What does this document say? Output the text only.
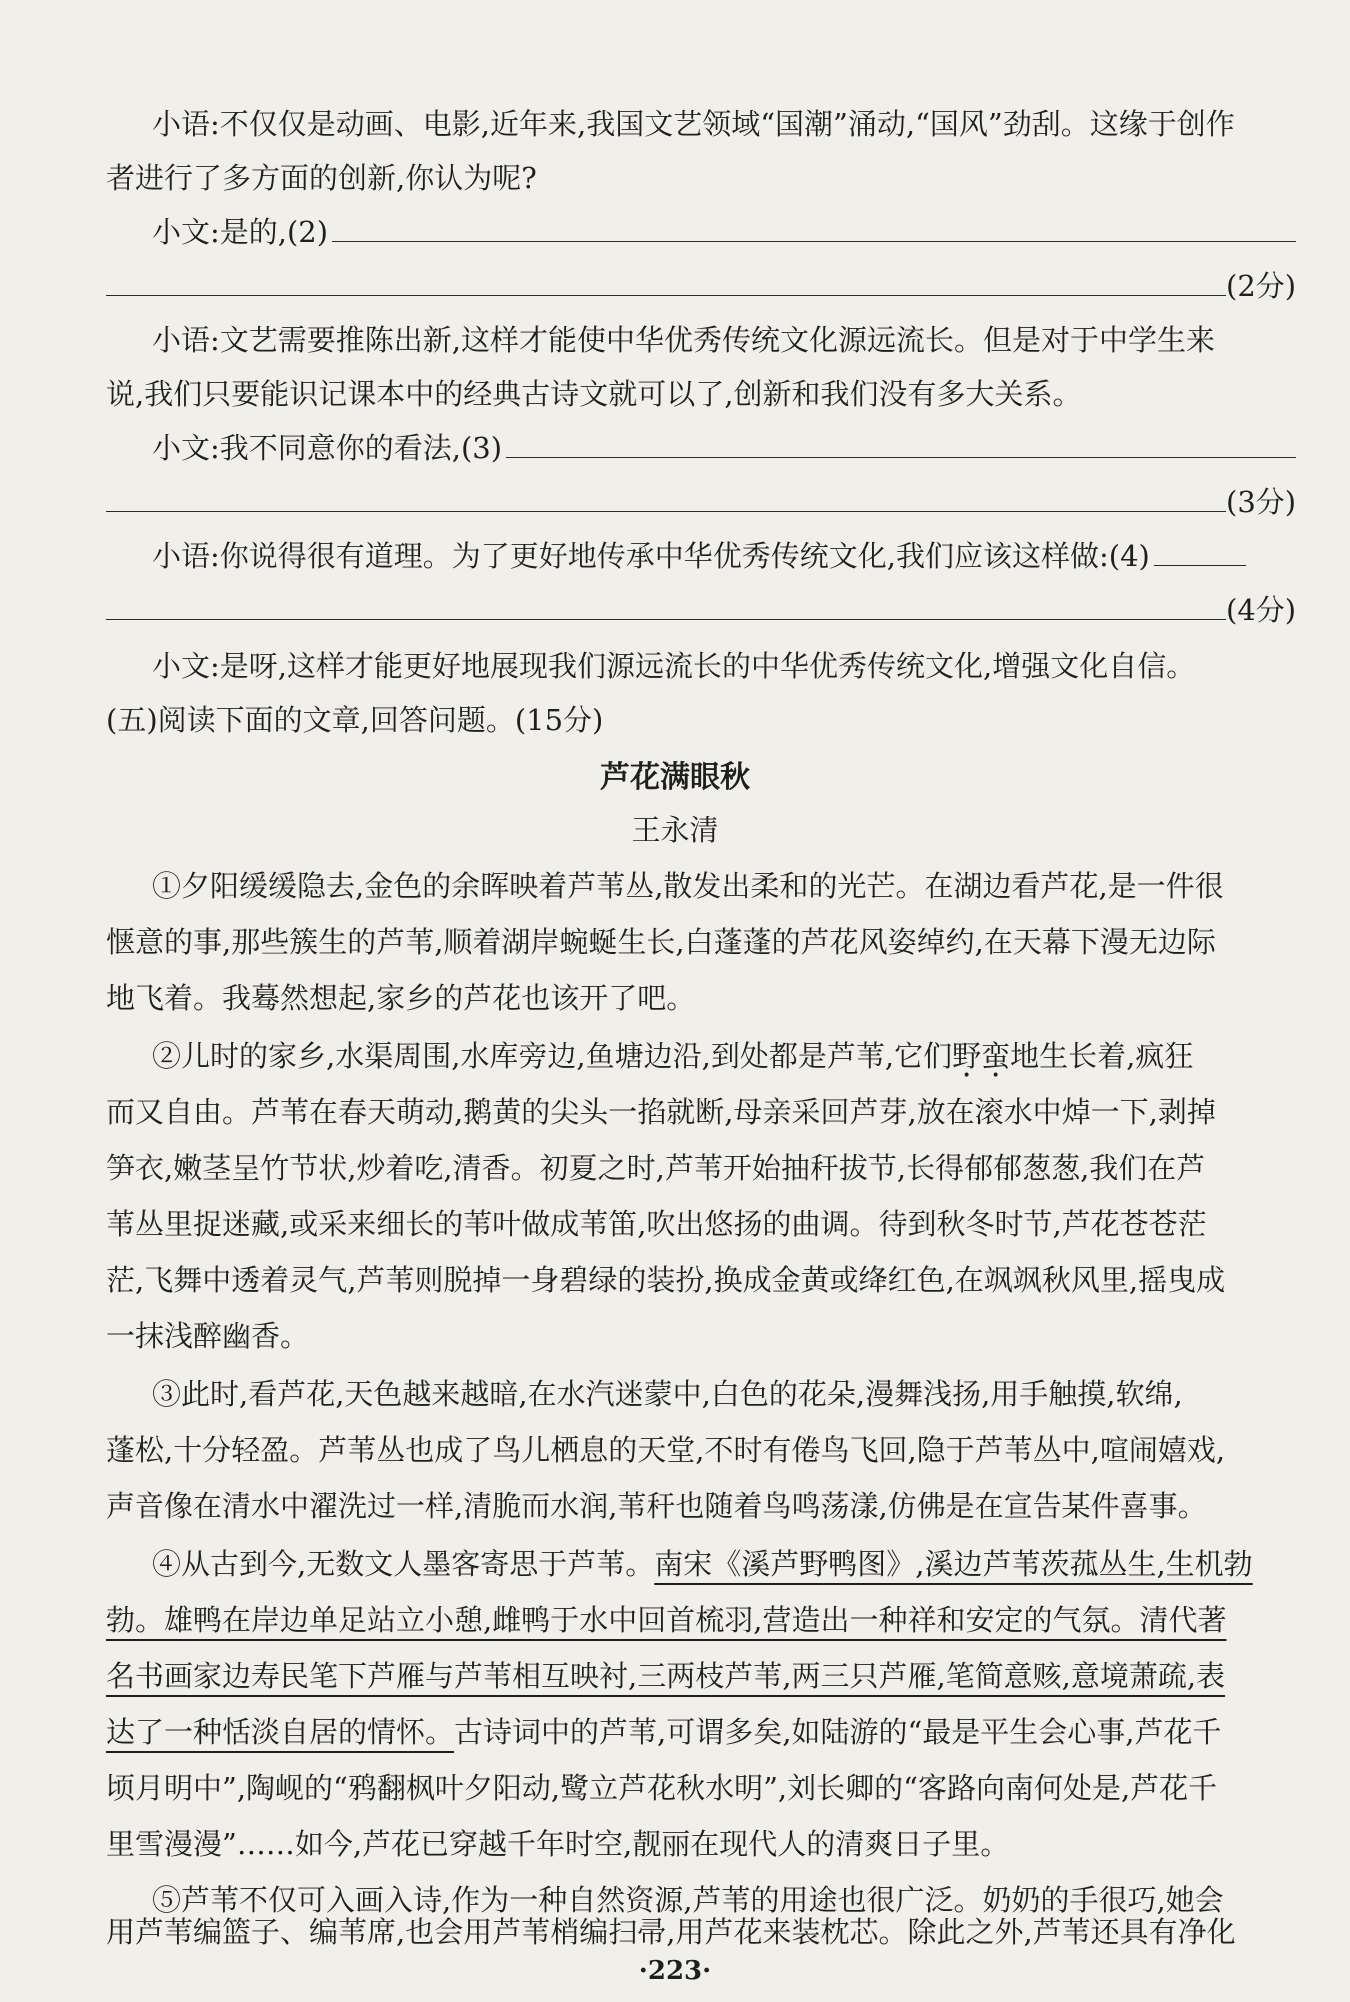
小语:不仅仅是动画、电影,近年来,我国文艺领域“国潮”涌动,“国风”劲刮。这缘于创作
者进行了多方面的创新,你认为呢?
小文:是的,(2)
(2分)
小语:文艺需要推陈出新,这样才能使中华优秀传统文化源远流长。但是对于中学生来
说,我们只要能识记课本中的经典古诗文就可以了,创新和我们没有多大关系。
小文:我不同意你的看法,(3)
(3分)
小语:你说得很有道理。为了更好地传承中华优秀传统文化,我们应该这样做:(4)
(4分)
小文:是呀,这样才能更好地展现我们源远流长的中华优秀传统文化,增强文化自信。
(五)阅读下面的文章,回答问题。(15分)
芦花满眼秋
王永清
①夕阳缓缓隐去,金色的余晖映着芦苇丛,散发出柔和的光芒。在湖边看芦花,是一件很
惬意的事,那些簇生的芦苇,顺着湖岸蜿蜒生长,白蓬蓬的芦花风姿绰约,在天幕下漫无边际
地飞着。我蓦然想起,家乡的芦花也该开了吧。
②儿时的家乡,水渠周围,水库旁边,鱼塘边沿,到处都是芦苇,它们野蛮地生长着,疯狂
而又自由。芦苇在春天萌动,鹅黄的尖头一掐就断,母亲采回芦芽,放在滚水中焯一下,剥掉
笋衣,嫩茎呈竹节状,炒着吃,清香。初夏之时,芦苇开始抽秆拔节,长得郁郁葱葱,我们在芦
苇丛里捉迷藏,或采来细长的苇叶做成苇笛,吹出悠扬的曲调。待到秋冬时节,芦花苍苍茫
茫,飞舞中透着灵气,芦苇则脱掉一身碧绿的装扮,换成金黄或绛红色,在飒飒秋风里,摇曳成
一抹浅醉幽香。
③此时,看芦花,天色越来越暗,在水汽迷蒙中,白色的花朵,漫舞浅扬,用手触摸,软绵,
蓬松,十分轻盈。芦苇丛也成了鸟儿栖息的天堂,不时有倦鸟飞回,隐于芦苇丛中,喧闹嬉戏,
声音像在清水中濯洗过一样,清脆而水润,苇秆也随着鸟鸣荡漾,仿佛是在宣告某件喜事。
④从古到今,无数文人墨客寄思于芦苇。南宋《溪芦野鸭图》,溪边芦苇茨菰丛生,生机勃
勃。雄鸭在岸边单足站立小憩,雌鸭于水中回首梳羽,营造出一种祥和安定的气氛。清代著
名书画家边寿民笔下芦雁与芦苇相互映衬,三两枝芦苇,两三只芦雁,笔简意赅,意境萧疏,表
达了一种恬淡自居的情怀。古诗词中的芦苇,可谓多矣,如陆游的“最是平生会心事,芦花千
顷月明中”,陶岘的“鸦翻枫叶夕阳动,鹭立芦花秋水明”,刘长卿的“客路向南何处是,芦花千
里雪漫漫”……如今,芦花已穿越千年时空,靓丽在现代人的清爽日子里。
⑤芦苇不仅可入画入诗,作为一种自然资源,芦苇的用途也很广泛。奶奶的手很巧,她会
用芦苇编篮子、编苇席,也会用芦苇梢编扫帚,用芦花来装枕芯。除此之外,芦苇还具有净化
·223·
